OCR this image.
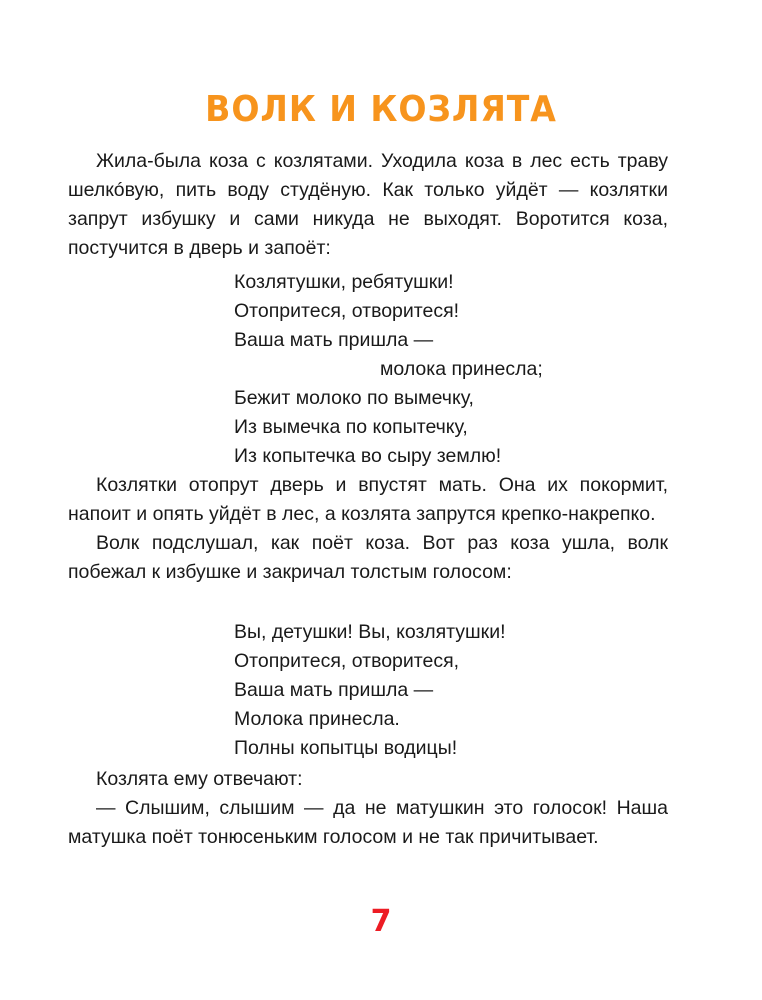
ВОЛК И КОЗЛЯТА

Жила-была коза с козлятами. Уходила коза в лес есть траву шелкóвую, пить воду студёную. Как только уйдёт — козлятки запрут избушку и сами никуда не выходят. Воротится коза, постучится в дверь и запоёт:

Козлятушки, ребятушки!
Отопритеся, отворитеся!
Ваша мать пришла —
молока принесла;
Бежит молоко по вымечку,
Из вымечка по копытечку,
Из копытечка во сыру землю!

Козлятки отопрут дверь и впустят мать. Она их покормит, напоит и опять уйдёт в лес, а козлята запрутся крепко-накрепко.

Волк подслушал, как поёт коза. Вот раз коза ушла, волк побежал к избушке и закричал толстым голосом:

Вы, детушки! Вы, козлятушки!
Отопритеся, отворитеся,
Ваша мать пришла —
Молока принесла.
Полны копытцы водицы!

Козлята ему отвечают:

— Слышим, слышим — да не матушкин это голосок! Наша матушка поёт тонюсеньким голосом и не так причитывает.

7
